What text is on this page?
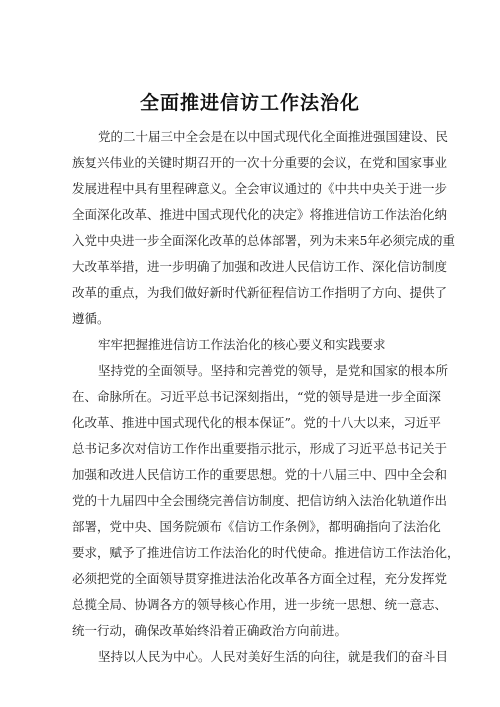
全面推进信访工作法治化
党的二十届三中全会是在以中国式现代化全面推进强国建设、民
族复兴伟业的关键时期召开的一次十分重要的会议，在党和国家事业
发展进程中具有里程碑意义。全会审议通过的《中共中央关于进一步
全面深化改革、推进中国式现代化的决定》将推进信访工作法治化纳
入党中央进一步全面深化改革的总体部署，列为未来5年必须完成的重
大改革举措，进一步明确了加强和改进人民信访工作、深化信访制度
改革的重点，为我们做好新时代新征程信访工作指明了方向、提供了
遵循。
牢牢把握推进信访工作法治化的核心要义和实践要求
坚持党的全面领导。坚持和完善党的领导，是党和国家的根本所
在、命脉所在。习近平总书记深刻指出，“党的领导是进一步全面深
化改革、推进中国式现代化的根本保证”。党的十八大以来，习近平
总书记多次对信访工作作出重要指示批示，形成了习近平总书记关于
加强和改进人民信访工作的重要思想。党的十八届三中、四中全会和
党的十九届四中全会围绕完善信访制度、把信访纳入法治化轨道作出
部署，党中央、国务院颁布《信访工作条例》，都明确指向了法治化
要求，赋予了推进信访工作法治化的时代使命。推进信访工作法治化，
必须把党的全面领导贯穿推进法治化改革各方面全过程，充分发挥党
总揽全局、协调各方的领导核心作用，进一步统一思想、统一意志、
统一行动，确保改革始终沿着正确政治方向前进。
坚持以人民为中心。人民对美好生活的向往，就是我们的奋斗目
